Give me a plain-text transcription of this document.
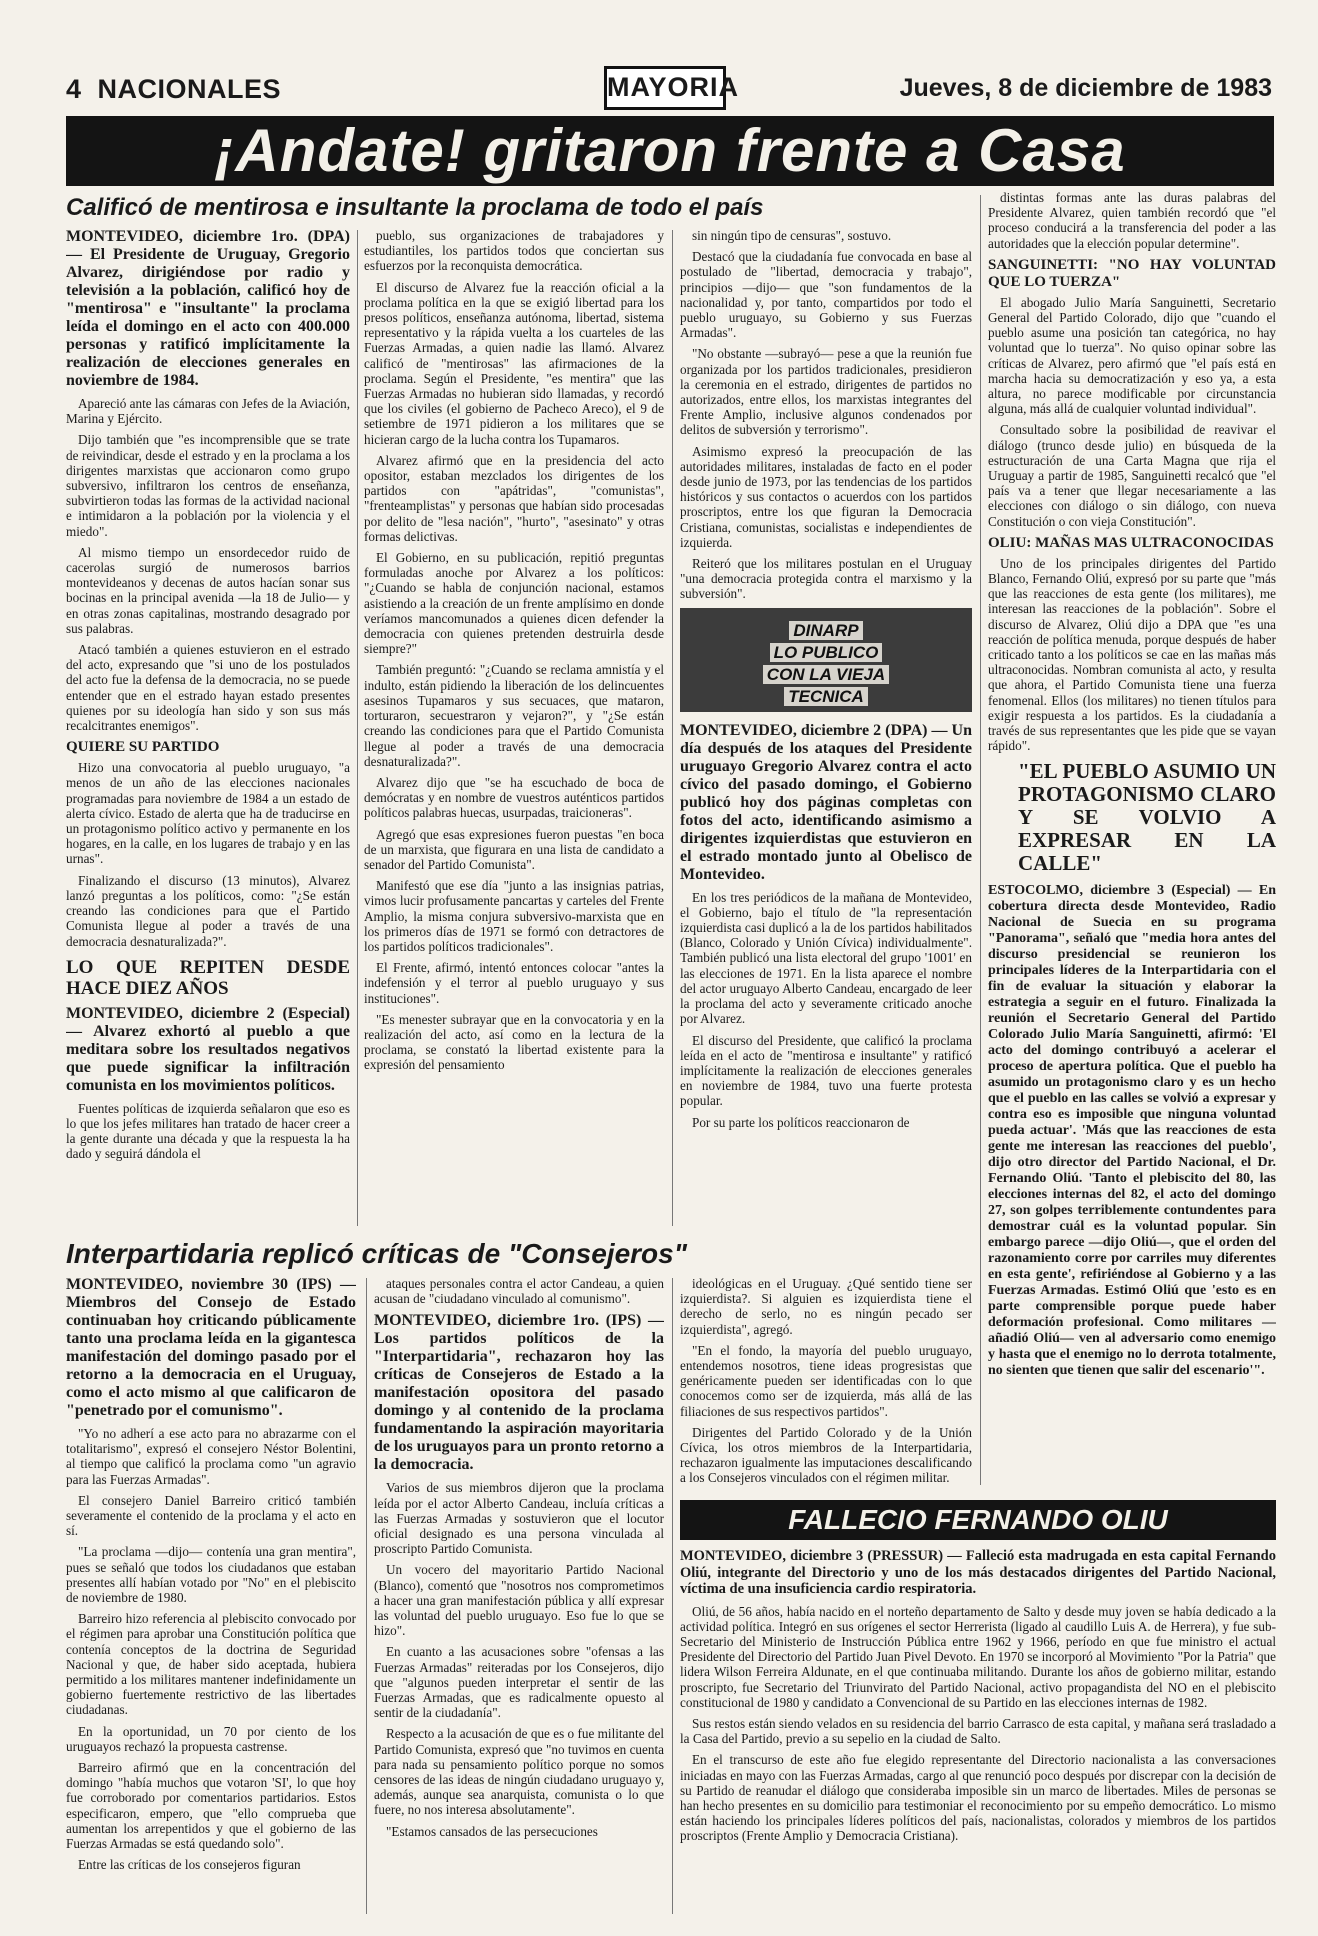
4 NACIONALES	MAYORIA	Jueves, 8 de diciembre de 1983
¡Andate! gritaron frente a Casa
Calificó de mentirosa e insultante la proclama de todo el país

MONTEVIDEO, diciembre 1ro. (DPA) — El Presidente de Uruguay, Gregorio Alvarez, dirigiéndose por radio y televisión a la población, calificó hoy de "mentirosa" e "insultante" la proclama leída el domingo en el acto con 400.000 personas y ratificó implícitamente la realización de elecciones generales en noviembre de 1984.

Apareció ante las cámaras con Jefes de la Aviación, Marina y Ejército.

Dijo también que "es incomprensible que se trate de reivindicar, desde el estrado y en la proclama a los dirigentes marxistas que accionaron como grupo subversivo, infiltraron los centros de enseñanza, subvirtieron todas las formas de la actividad nacional e intimidaron a la población por la violencia y el miedo".

Al mismo tiempo un ensordecedor ruido de cacerolas surgió de numerosos barrios montevideanos y decenas de autos hacían sonar sus bocinas en la principal avenida —la 18 de Julio— y en otras zonas capitalinas, mostrando desagrado por sus palabras.

Atacó también a quienes estuvieron en el estrado del acto, expresando que "si uno de los postulados del acto fue la defensa de la democracia, no se puede entender que en el estrado hayan estado presentes quienes por su ideología han sido y son sus más recalcitrantes enemigos".

QUIERE SU PARTIDO

Hizo una convocatoria al pueblo uruguayo, "a menos de un año de las elecciones nacionales programadas para noviembre de 1984 a un estado de alerta cívico. Estado de alerta que ha de traducirse en un protagonismo político activo y permanente en los hogares, en la calle, en los lugares de trabajo y en las urnas".

Finalizando el discurso (13 minutos), Alvarez lanzó preguntas a los políticos, como: "¿Se están creando las condiciones para que el Partido Comunista llegue al poder a través de una democracia desnaturalizada?".

LO QUE REPITEN DESDE HACE DIEZ AÑOS

MONTEVIDEO, diciembre 2 (Especial) — Alvarez exhortó al pueblo a que meditara sobre los resultados negativos que puede significar la infiltración comunista en los movimientos políticos.

Fuentes políticas de izquierda señalaron que eso es lo que los jefes militares han tratado de hacer creer a la gente durante una década y que la respuesta la ha dado y seguirá dándola el

pueblo, sus organizaciones de trabajadores y estudiantiles, los partidos todos que conciertan sus esfuerzos por la reconquista democrática.

El discurso de Alvarez fue la reacción oficial a la proclama política en la que se exigió libertad para los presos políticos, enseñanza autónoma, libertad, sistema representativo y la rápida vuelta a los cuarteles de las Fuerzas Armadas, a quien nadie las llamó. Alvarez calificó de "mentirosas" las afirmaciones de la proclama. Según el Presidente, "es mentira" que las Fuerzas Armadas no hubieran sido llamadas, y recordó que los civiles (el gobierno de Pacheco Areco), el 9 de setiembre de 1971 pidieron a los militares que se hicieran cargo de la lucha contra los Tupamaros.

Alvarez afirmó que en la presidencia del acto opositor, estaban mezclados los dirigentes de los partidos con "apátridas", "comunistas", "frenteamplistas" y personas que habían sido procesadas por delito de "lesa nación", "hurto", "asesinato" y otras formas delictivas.

El Gobierno, en su publicación, repitió preguntas formuladas anoche por Alvarez a los políticos: "¿Cuando se habla de conjunción nacional, estamos asistiendo a la creación de un frente amplísimo en donde veríamos mancomunados a quienes dicen defender la democracia con quienes pretenden destruirla desde siempre?"

También preguntó: "¿Cuando se reclama amnistía y el indulto, están pidiendo la liberación de los delincuentes asesinos Tupamaros y sus secuaces, que mataron, torturaron, secuestraron y vejaron?", y "¿Se están creando las condiciones para que el Partido Comunista llegue al poder a través de una democracia desnaturalizada?".

Alvarez dijo que "se ha escuchado de boca de demócratas y en nombre de vuestros auténticos partidos políticos palabras huecas, usurpadas, traicioneras".

Agregó que esas expresiones fueron puestas "en boca de un marxista, que figurara en una lista de candidato a senador del Partido Comunista".

Manifestó que ese día "junto a las insignias patrias, vimos lucir profusamente pancartas y carteles del Frente Amplio, la misma conjura subversivo-marxista que en los primeros días de 1971 se formó con detractores de los partidos políticos tradicionales".

El Frente, afirmó, intentó entonces colocar "antes la indefensión y el terror al pueblo uruguayo y sus instituciones".

"Es menester subrayar que en la convocatoria y en la realización del acto, así como en la lectura de la proclama, se constató la libertad existente para la expresión del pensamiento

sin ningún tipo de censuras", sostuvo.

Destacó que la ciudadanía fue convocada en base al postulado de "libertad, democracia y trabajo", principios —dijo— que "son fundamentos de la nacionalidad y, por tanto, compartidos por todo el pueblo uruguayo, su Gobierno y sus Fuerzas Armadas".

"No obstante —subrayó— pese a que la reunión fue organizada por los partidos tradicionales, presidieron la ceremonia en el estrado, dirigentes de partidos no autorizados, entre ellos, los marxistas integrantes del Frente Amplio, inclusive algunos condenados por delitos de subversión y terrorismo".

Asimismo expresó la preocupación de las autoridades militares, instaladas de facto en el poder desde junio de 1973, por las tendencias de los partidos históricos y sus contactos o acuerdos con los partidos proscriptos, entre los que figuran la Democracia Cristiana, comunistas, socialistas e independientes de izquierda.

Reiteró que los militares postulan en el Uruguay "una democracia protegida contra el marxismo y la subversión".

DINARP
LO PUBLICO
CON LA VIEJA
TECNICA

MONTEVIDEO, diciembre 2 (DPA) — Un día después de los ataques del Presidente uruguayo Gregorio Alvarez contra el acto cívico del pasado domingo, el Gobierno publicó hoy dos páginas completas con fotos del acto, identificando asimismo a dirigentes izquierdistas que estuvieron en el estrado montado junto al Obelisco de Montevideo.

En los tres periódicos de la mañana de Montevideo, el Gobierno, bajo el título de "la representación izquierdista casi duplicó a la de los partidos habilitados (Blanco, Colorado y Unión Cívica) individualmente". También publicó una lista electoral del grupo '1001' en las elecciones de 1971. En la lista aparece el nombre del actor uruguayo Alberto Candeau, encargado de leer la proclama del acto y severamente criticado anoche por Alvarez.

El discurso del Presidente, que calificó la proclama leída en el acto de "mentirosa e insultante" y ratificó implícitamente la realización de elecciones generales en noviembre de 1984, tuvo una fuerte protesta popular.

Por su parte los políticos reaccionaron de

distintas formas ante las duras palabras del Presidente Alvarez, quien también recordó que "el proceso conducirá a la transferencia del poder a las autoridades que la elección popular determine".

SANGUINETTI: "NO HAY VOLUNTAD QUE LO TUERZA"

El abogado Julio María Sanguinetti, Secretario General del Partido Colorado, dijo que "cuando el pueblo asume una posición tan categórica, no hay voluntad que lo tuerza". No quiso opinar sobre las críticas de Alvarez, pero afirmó que "el país está en marcha hacia su democratización y eso ya, a esta altura, no parece modificable por circunstancia alguna, más allá de cualquier voluntad individual".

Consultado sobre la posibilidad de reavivar el diálogo (trunco desde julio) en búsqueda de la estructuración de una Carta Magna que rija el Uruguay a partir de 1985, Sanguinetti recalcó que "el país va a tener que llegar necesariamente a las elecciones con diálogo o sin diálogo, con nueva Constitución o con vieja Constitución".

OLIU: MAÑAS MAS ULTRACONOCIDAS

Uno de los principales dirigentes del Partido Blanco, Fernando Oliú, expresó por su parte que "más que las reacciones de esta gente (los militares), me interesan las reacciones de la población". Sobre el discurso de Alvarez, Oliú dijo a DPA que "es una reacción de política menuda, porque después de haber criticado tanto a los políticos se cae en las mañas más ultraconocidas. Nombran comunista al acto, y resulta que ahora, el Partido Comunista tiene una fuerza fenomenal. Ellos (los militares) no tienen títulos para exigir respuesta a los partidos. Es la ciudadanía a través de sus representantes que les pide que se vayan rápido".

"EL PUEBLO ASUMIO UN PROTAGONISMO CLARO Y SE VOLVIO A EXPRESAR EN LA CALLE"

ESTOCOLMO, diciembre 3 (Especial) — En cobertura directa desde Montevideo, Radio Nacional de Suecia en su programa "Panorama", señaló que "media hora antes del discurso presidencial se reunieron los principales líderes de la Interpartidaria con el fin de evaluar la situación y elaborar la estrategia a seguir en el futuro. Finalizada la reunión el Secretario General del Partido Colorado Julio María Sanguinetti, afirmó: 'El acto del domingo contribuyó a acelerar el proceso de apertura política. Que el pueblo ha asumido un protagonismo claro y es un hecho que el pueblo en las calles se volvió a expresar y contra eso es imposible que ninguna voluntad pueda actuar'. 'Más que las reacciones de esta gente me interesan las reacciones del pueblo', dijo otro director del Partido Nacional, el Dr. Fernando Oliú. 'Tanto el plebiscito del 80, las elecciones internas del 82, el acto del domingo 27, son golpes terriblemente contundentes para demostrar cuál es la voluntad popular. Sin embargo parece —dijo Oliú—, que el orden del razonamiento corre por carriles muy diferentes en esta gente', refiriéndose al Gobierno y a las Fuerzas Armadas. Estimó Oliú que 'esto es en parte comprensible porque puede haber deformación profesional. Como militares —añadió Oliú— ven al adversario como enemigo y hasta que el enemigo no lo derrota totalmente, no sienten que tienen que salir del escenario'".

Interpartidaria replicó críticas de "Consejeros"

MONTEVIDEO, noviembre 30 (IPS) — Miembros del Consejo de Estado continuaban hoy criticando públicamente tanto una proclama leída en la gigantesca manifestación del domingo pasado por el retorno a la democracia en el Uruguay, como el acto mismo al que calificaron de "penetrado por el comunismo".

"Yo no adherí a ese acto para no abrazarme con el totalitarismo", expresó el consejero Néstor Bolentini, al tiempo que calificó la proclama como "un agravio para las Fuerzas Armadas".

El consejero Daniel Barreiro criticó también severamente el contenido de la proclama y el acto en sí.

"La proclama —dijo— contenía una gran mentira", pues se señaló que todos los ciudadanos que estaban presentes allí habían votado por "No" en el plebiscito de noviembre de 1980.

Barreiro hizo referencia al plebiscito convocado por el régimen para aprobar una Constitución política que contenía conceptos de la doctrina de Seguridad Nacional y que, de haber sido aceptada, hubiera permitido a los militares mantener indefinidamente un gobierno fuertemente restrictivo de las libertades ciudadanas.

En la oportunidad, un 70 por ciento de los uruguayos rechazó la propuesta castrense.

Barreiro afirmó que en la concentración del domingo "había muchos que votaron 'SI', lo que hoy fue corroborado por comentarios partidarios. Estos especificaron, empero, que "ello comprueba que aumentan los arrepentidos y que el gobierno de las Fuerzas Armadas se está quedando solo".

Entre las críticas de los consejeros figuran

ataques personales contra el actor Candeau, a quien acusan de "ciudadano vinculado al comunismo".

MONTEVIDEO, diciembre 1ro. (IPS) — Los partidos políticos de la "Interpartidaria", rechazaron hoy las críticas de Consejeros de Estado a la manifestación opositora del pasado domingo y al contenido de la proclama fundamentando la aspiración mayoritaria de los uruguayos para un pronto retorno a la democracia.

Varios de sus miembros dijeron que la proclama leída por el actor Alberto Candeau, incluía críticas a las Fuerzas Armadas y sostuvieron que el locutor oficial designado es una persona vinculada al proscripto Partido Comunista.

Un vocero del mayoritario Partido Nacional (Blanco), comentó que "nosotros nos comprometimos a hacer una gran manifestación pública y allí expresar las voluntad del pueblo uruguayo. Eso fue lo que se hizo".

En cuanto a las acusaciones sobre "ofensas a las Fuerzas Armadas" reiteradas por los Consejeros, dijo que "algunos pueden interpretar el sentir de las Fuerzas Armadas, que es radicalmente opuesto al sentir de la ciudadanía".

Respecto a la acusación de que es o fue militante del Partido Comunista, expresó que "no tuvimos en cuenta para nada su pensamiento político porque no somos censores de las ideas de ningún ciudadano uruguayo y, además, aunque sea anarquista, comunista o lo que fuere, no nos interesa absolutamente".

"Estamos cansados de las persecuciones

ideológicas en el Uruguay. ¿Qué sentido tiene ser izquierdista?. Si alguien es izquierdista tiene el derecho de serlo, no es ningún pecado ser izquierdista", agregó.

"En el fondo, la mayoría del pueblo uruguayo, entendemos nosotros, tiene ideas progresistas que genéricamente pueden ser identificadas con lo que conocemos como ser de izquierda, más allá de las filiaciones de sus respectivos partidos".

Dirigentes del Partido Colorado y de la Unión Cívica, los otros miembros de la Interpartidaria, rechazaron igualmente las imputaciones descalificando a los Consejeros vinculados con el régimen militar.

FALLECIO FERNANDO OLIU

MONTEVIDEO, diciembre 3 (PRESSUR) — Falleció esta madrugada en esta capital Fernando Oliú, integrante del Directorio y uno de los más destacados dirigentes del Partido Nacional, víctima de una insuficiencia cardio respiratoria.

Oliú, de 56 años, había nacido en el norteño departamento de Salto y desde muy joven se había dedicado a la actividad política. Integró en sus orígenes el sector Herrerista (ligado al caudillo Luis A. de Herrera), y fue sub-Secretario del Ministerio de Instrucción Pública entre 1962 y 1966, período en que fue ministro el actual Presidente del Directorio del Partido Juan Pivel Devoto. En 1970 se incorporó al Movimiento "Por la Patria" que lidera Wilson Ferreira Aldunate, en el que continuaba militando. Durante los años de gobierno militar, estando proscripto, fue Secretario del Triunvirato del Partido Nacional, activo propagandista del NO en el plebiscito constitucional de 1980 y candidato a Convencional de su Partido en las elecciones internas de 1982.

Sus restos están siendo velados en su residencia del barrio Carrasco de esta capital, y mañana será trasladado a la Casa del Partido, previo a su sepelio en la ciudad de Salto.

En el transcurso de este año fue elegido representante del Directorio nacionalista a las conversaciones iniciadas en mayo con las Fuerzas Armadas, cargo al que renunció poco después por discrepar con la decisión de su Partido de reanudar el diálogo que consideraba imposible sin un marco de libertades. Miles de personas se han hecho presentes en su domicilio para testimoniar el reconocimiento por su empeño democrático. Lo mismo están haciendo los principales líderes políticos del país, nacionalistas, colorados y miembros de los partidos proscriptos (Frente Amplio y Democracia Cristiana).
